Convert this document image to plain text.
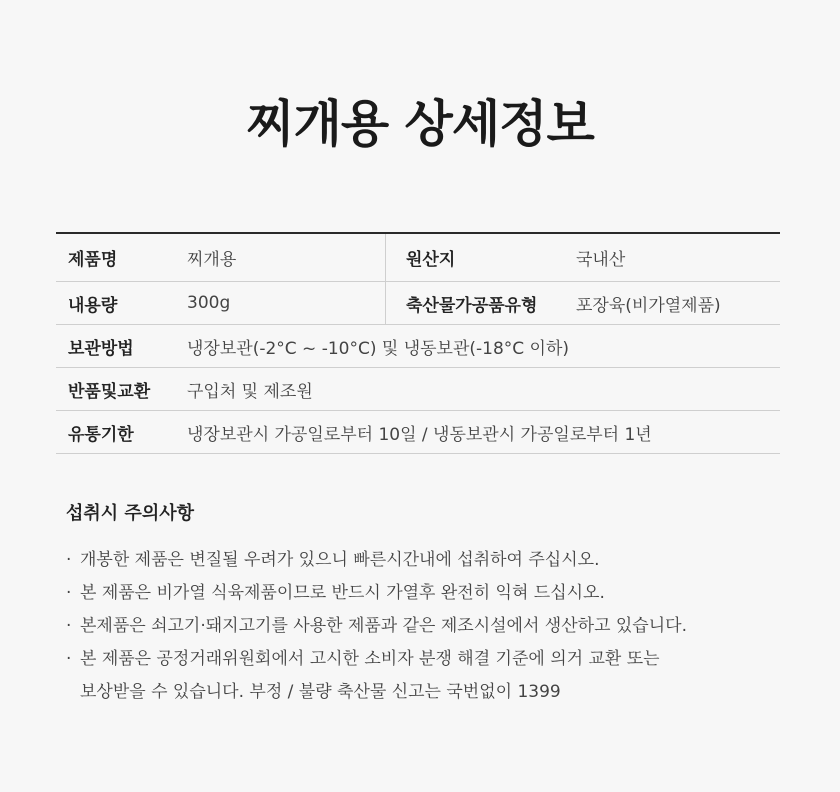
찌개용 상세정보
제품명	찌개용	원산지	국내산
내용량	300g	축산물가공품유형	포장육(비가열제품)
보관방법	냉장보관(-2°C ~ -10°C) 및 냉동보관(-18°C 이하)
반품및교환	구입처 및 제조원
유통기한	냉장보관시 가공일로부터 10일 / 냉동보관시 가공일로부터 1년
섭취시 주의사항
· 개봉한 제품은 변질될 우려가 있으니 빠른시간내에 섭취하여 주십시오.
· 본 제품은 비가열 식육제품이므로 반드시 가열후 완전히 익혀 드십시오.
· 본제품은 쇠고기·돼지고기를 사용한 제품과 같은 제조시설에서 생산하고 있습니다.
· 본 제품은 공정거래위원회에서 고시한 소비자 분쟁 해결 기준에 의거 교환 또는
보상받을 수 있습니다. 부정 / 불량 축산물 신고는 국번없이 1399
